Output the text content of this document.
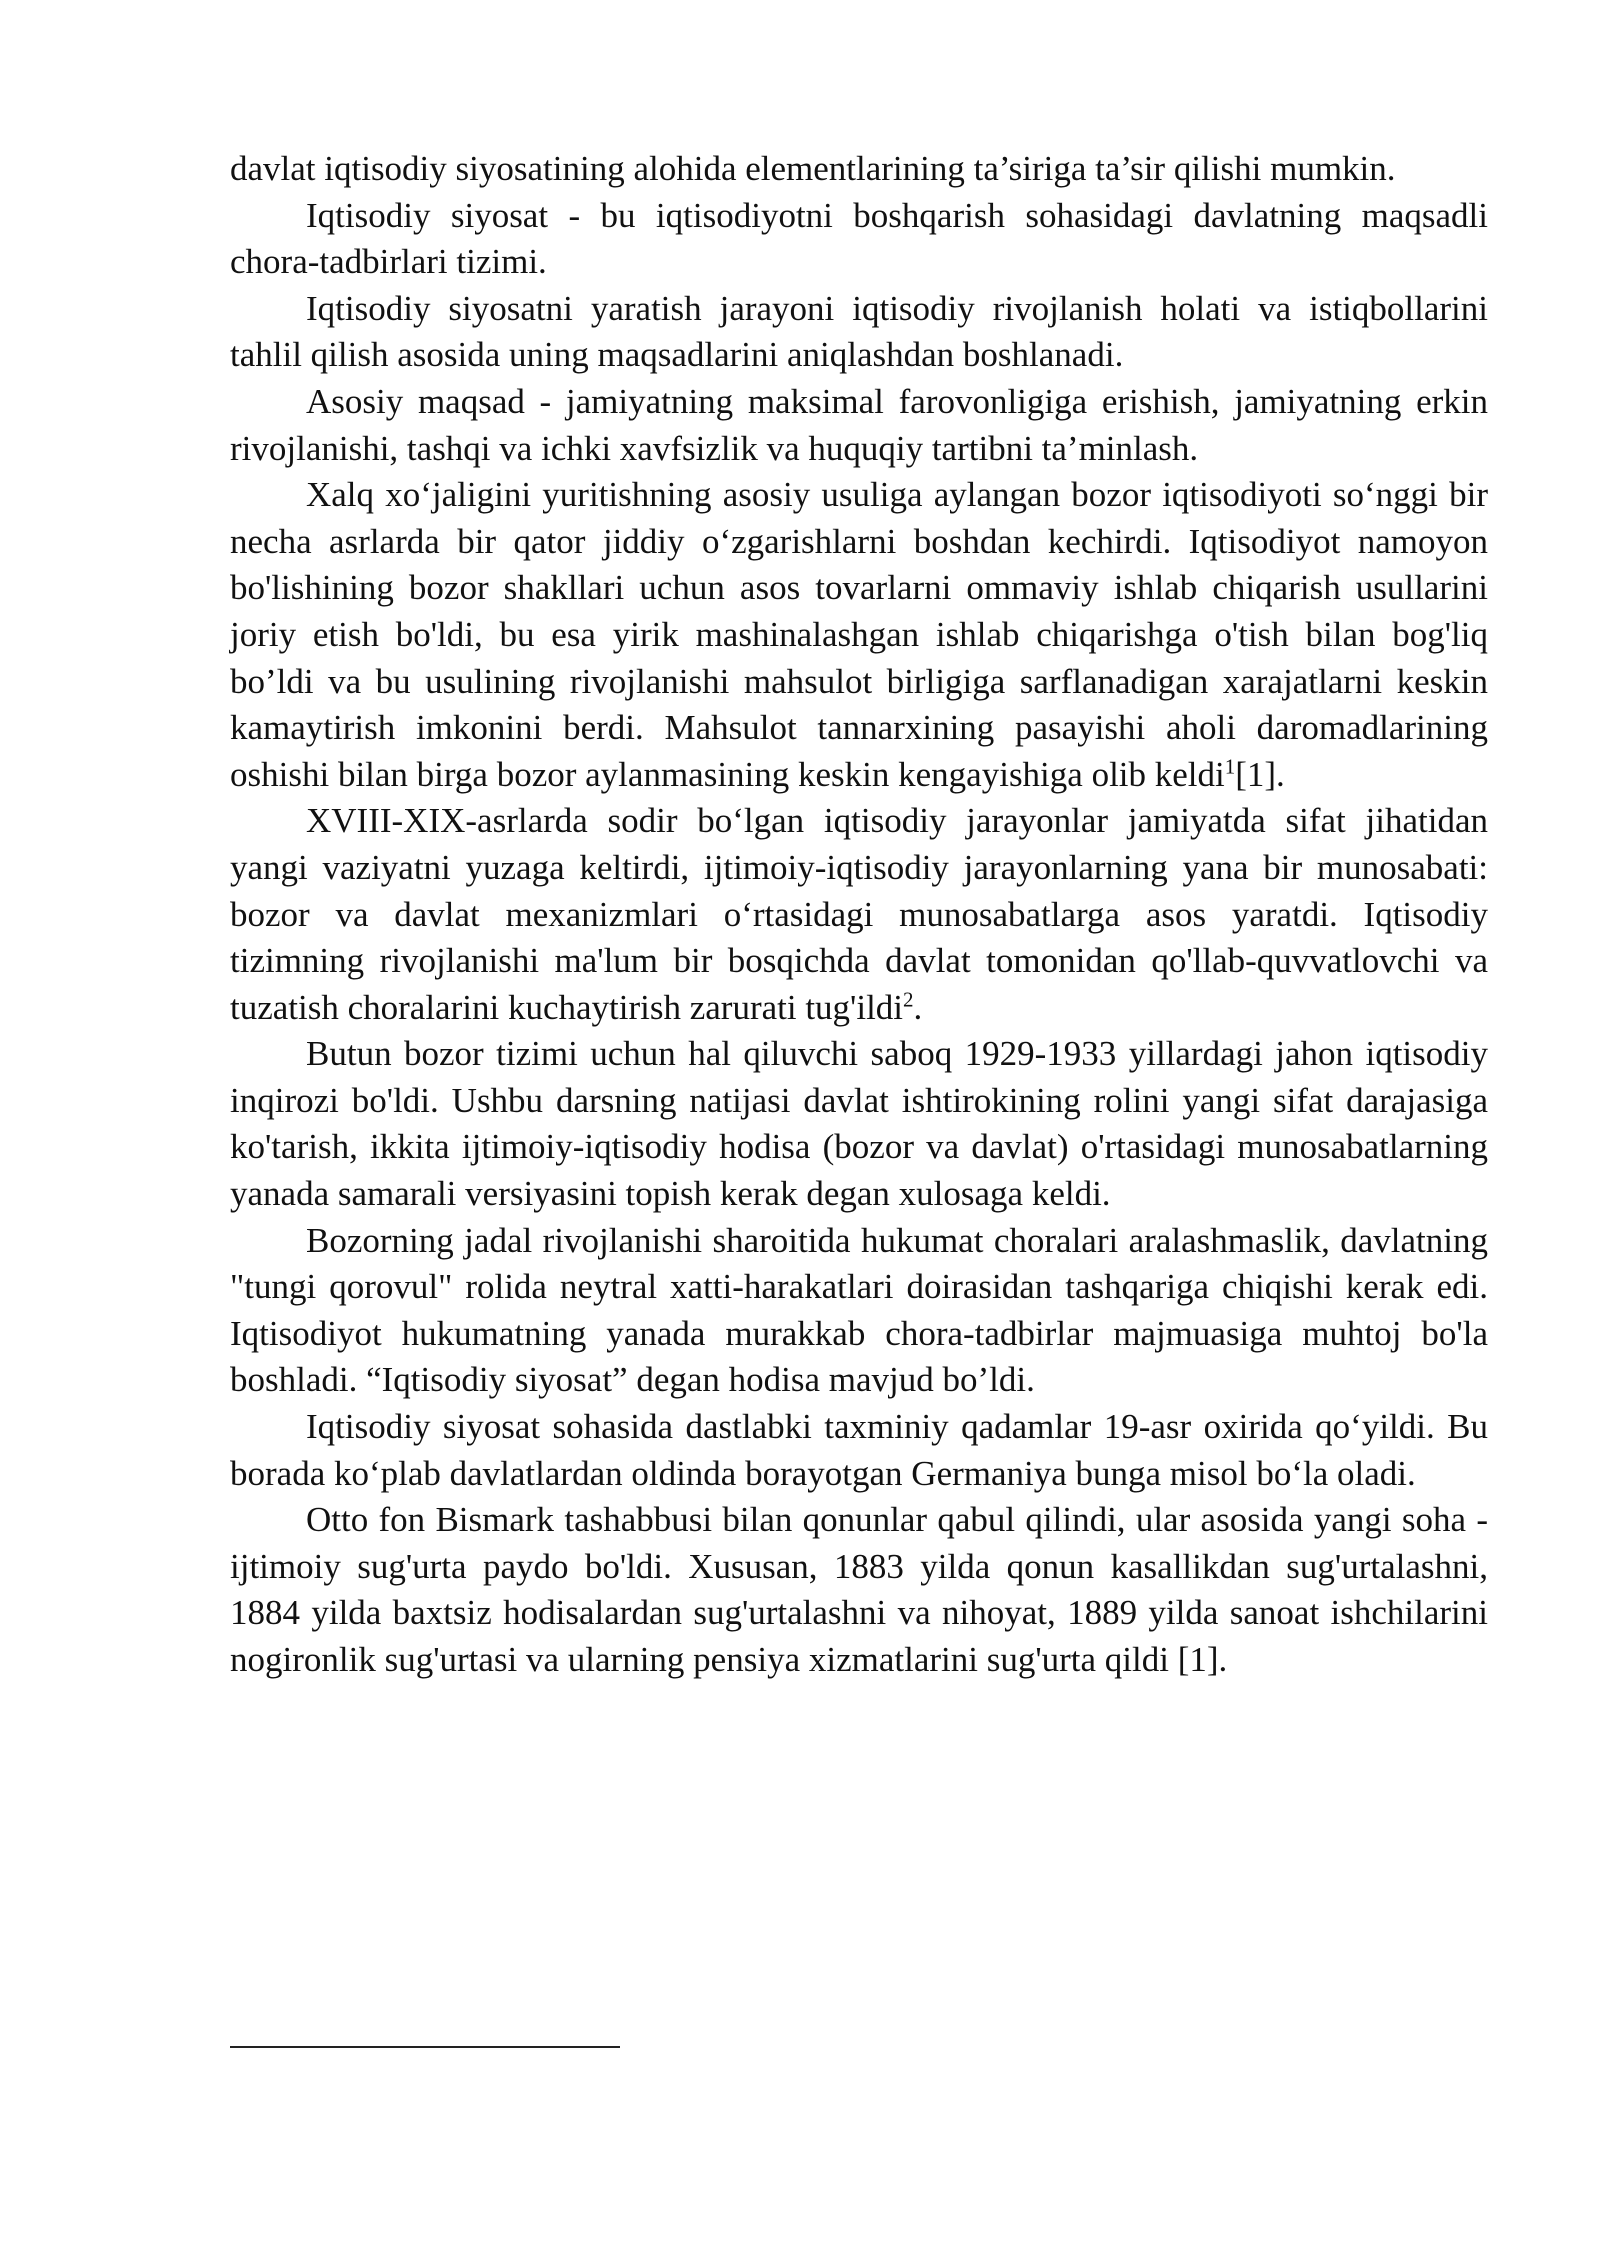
davlat iqtisodiy siyosatining alohida elementlarining ta’siriga ta’sir qilishi mumkin.

Iqtisodiy siyosat - bu iqtisodiyotni boshqarish sohasidagi davlatning maqsadli chora-tadbirlari tizimi.

Iqtisodiy siyosatni yaratish jarayoni iqtisodiy rivojlanish holati va istiqbollarini tahlil qilish asosida uning maqsadlarini aniqlashdan boshlanadi.

Asosiy maqsad - jamiyatning maksimal farovonligiga erishish, jamiyatning erkin rivojlanishi, tashqi va ichki xavfsizlik va huquqiy tartibni ta’minlash.

Xalq xo‘jaligini yuritishning asosiy usuliga aylangan bozor iqtisodiyoti so‘nggi bir necha asrlarda bir qator jiddiy o‘zgarishlarni boshdan kechirdi. Iqtisodiyot namoyon bo'lishining bozor shakllari uchun asos tovarlarni ommaviy ishlab chiqarish usullarini joriy etish bo'ldi, bu esa yirik mashinalashgan ishlab chiqarishga o'tish bilan bog'liq bo’ldi va bu usulining rivojlanishi mahsulot birligiga sarflanadigan xarajatlarni keskin kamaytirish imkonini berdi. Mahsulot tannarxining pasayishi aholi daromadlarining oshishi bilan birga bozor aylanmasining keskin kengayishiga olib keldi$^1$[1].

XVIII-XIX-asrlarda sodir bo‘lgan iqtisodiy jarayonlar jamiyatda sifat jihatidan yangi vaziyatni yuzaga keltirdi, ijtimoiy-iqtisodiy jarayonlarning yana bir munosabati: bozor va davlat mexanizmlari o‘rtasidagi munosabatlarga asos yaratdi. Iqtisodiy tizimning rivojlanishi ma'lum bir bosqichda davlat tomonidan qo'llab-quvvatlovchi va tuzatish choralarini kuchaytirish zarurati tug'ildi$^2$.

Butun bozor tizimi uchun hal qiluvchi saboq 1929-1933 yillardagi jahon iqtisodiy inqirozi bo'ldi. Ushbu darsning natijasi davlat ishtirokining rolini yangi sifat darajasiga ko'tarish, ikkita ijtimoiy-iqtisodiy hodisa (bozor va davlat) o'rtasidagi munosabatlarning yanada samarali versiyasini topish kerak degan xulosaga keldi.

Bozorning jadal rivojlanishi sharoitida hukumat choralari aralashmaslik, davlatning "tungi qorovul" rolida neytral xatti-harakatlari doirasidan tashqariga chiqishi kerak edi. Iqtisodiyot hukumatning yanada murakkab chora-tadbirlar majmuasiga muhtoj bo'la boshladi. “Iqtisodiy siyosat” degan hodisa mavjud bo’ldi.

Iqtisodiy siyosat sohasida dastlabki taxminiy qadamlar 19-asr oxirida qo‘yildi. Bu borada ko‘plab davlatlardan oldinda borayotgan Germaniya bunga misol bo‘la oladi.

Otto fon Bismark tashabbusi bilan qonunlar qabul qilindi, ular asosida yangi soha - ijtimoiy sug'urta paydo bo'ldi. Xususan, 1883 yilda qonun kasallikdan sug'urtalashni, 1884 yilda baxtsiz hodisalardan sug'urtalashni va nihoyat, 1889 yilda sanoat ishchilarini nogironlik sug'urtasi va ularning pensiya xizmatlarini sug'urta qildi [1].
